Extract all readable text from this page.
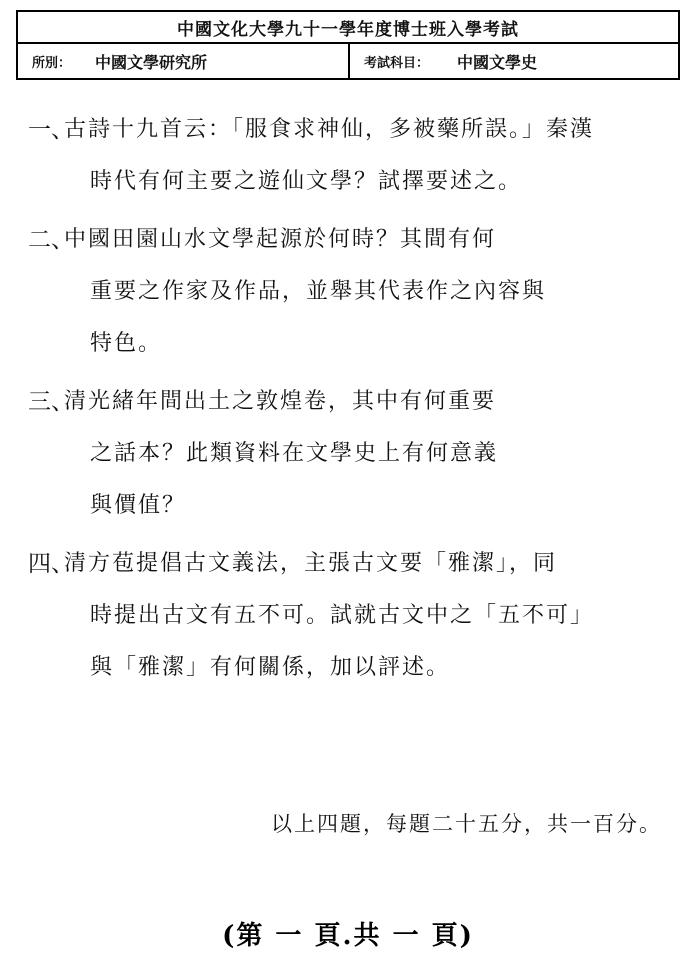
中國文化大學九十一學年度博士班入學考試
所別：	中國文學研究所	考試科目：	中國文學史
一、
古詩十九首云：「服食求神仙，多被藥所誤。」秦漢
時代有何主要之遊仙文學？試擇要述之。
二、
中國田園山水文學起源於何時？其間有何
重要之作家及作品，並舉其代表作之內容與
特色。
三、
清光緒年間出土之敦煌卷，其中有何重要
之話本？此類資料在文學史上有何意義
與價值？
四、
清方苞提倡古文義法，主張古文要「雅潔」，同
時提出古文有五不可。試就古文中之「五不可」
與「雅潔」有何關係，加以評述。
以上四題，每題二十五分，共一百分。
(第 一 頁.共 一 頁)
